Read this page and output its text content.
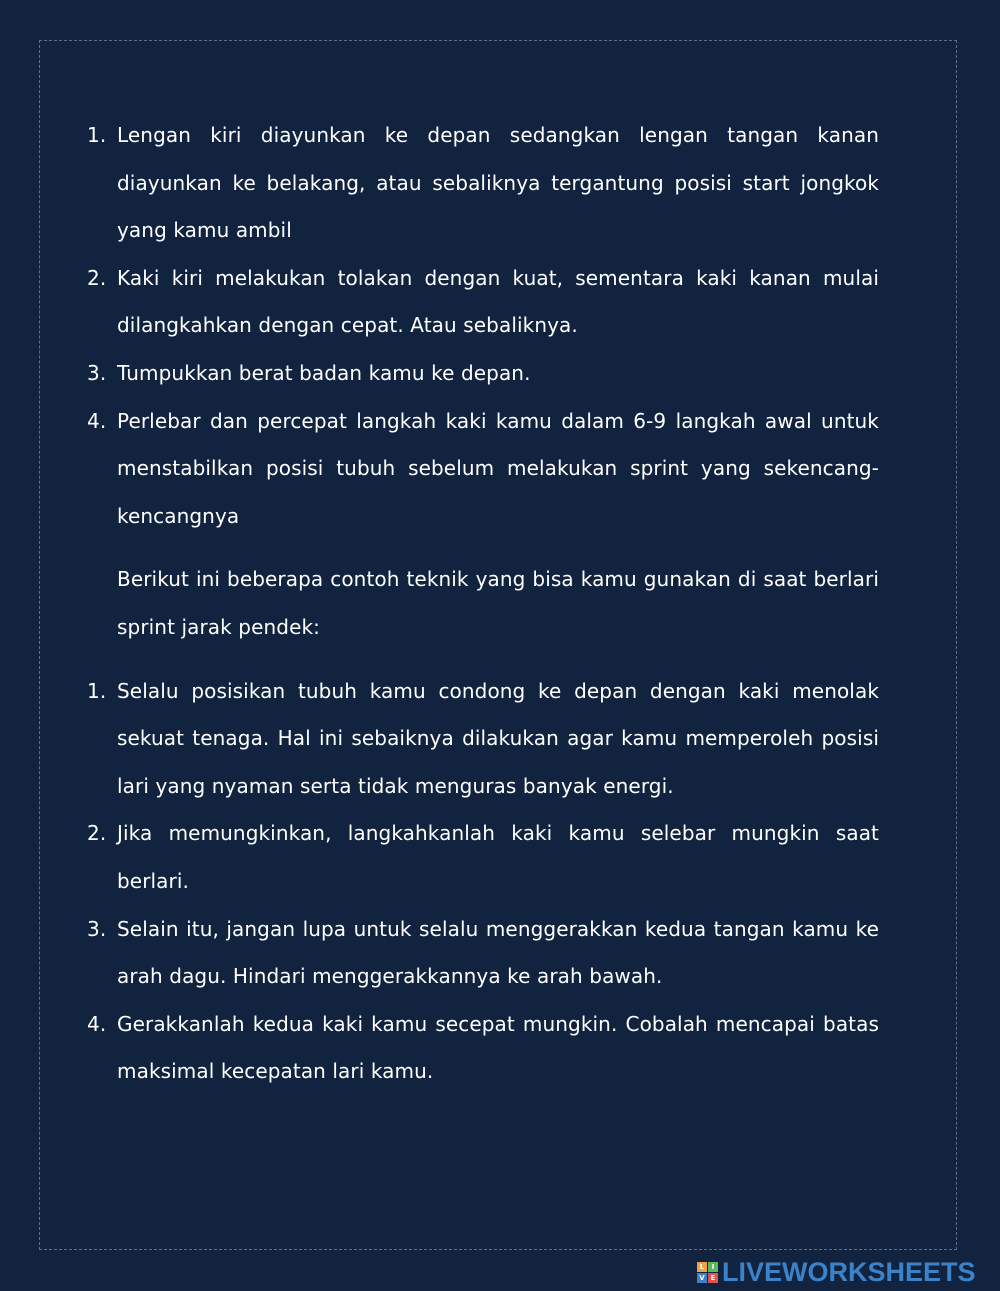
1. Lengan kiri diayunkan ke depan sedangkan lengan tangan kanan diayunkan ke belakang, atau sebaliknya tergantung posisi start jongkok yang kamu ambil
2. Kaki kiri melakukan tolakan dengan kuat, sementara kaki kanan mulai dilangkahkan dengan cepat. Atau sebaliknya.
3. Tumpukkan berat badan kamu ke depan.
4. Perlebar dan percepat langkah kaki kamu dalam 6-9 langkah awal untuk menstabilkan posisi tubuh sebelum melakukan sprint yang sekencang-kencangnya

Berikut ini beberapa contoh teknik yang bisa kamu gunakan di saat berlari sprint jarak pendek:

1. Selalu posisikan tubuh kamu condong ke depan dengan kaki menolak sekuat tenaga. Hal ini sebaiknya dilakukan agar kamu memperoleh posisi lari yang nyaman serta tidak menguras banyak energi.
2. Jika memungkinkan, langkahkanlah kaki kamu selebar mungkin saat berlari.
3. Selain itu, jangan lupa untuk selalu menggerakkan kedua tangan kamu ke arah dagu. Hindari menggerakkannya ke arah bawah.
4. Gerakkanlah kedua kaki kamu secepat mungkin. Cobalah mencapai batas maksimal kecepatan lari kamu.
L	I
V E LIVEWORKSHEETS
